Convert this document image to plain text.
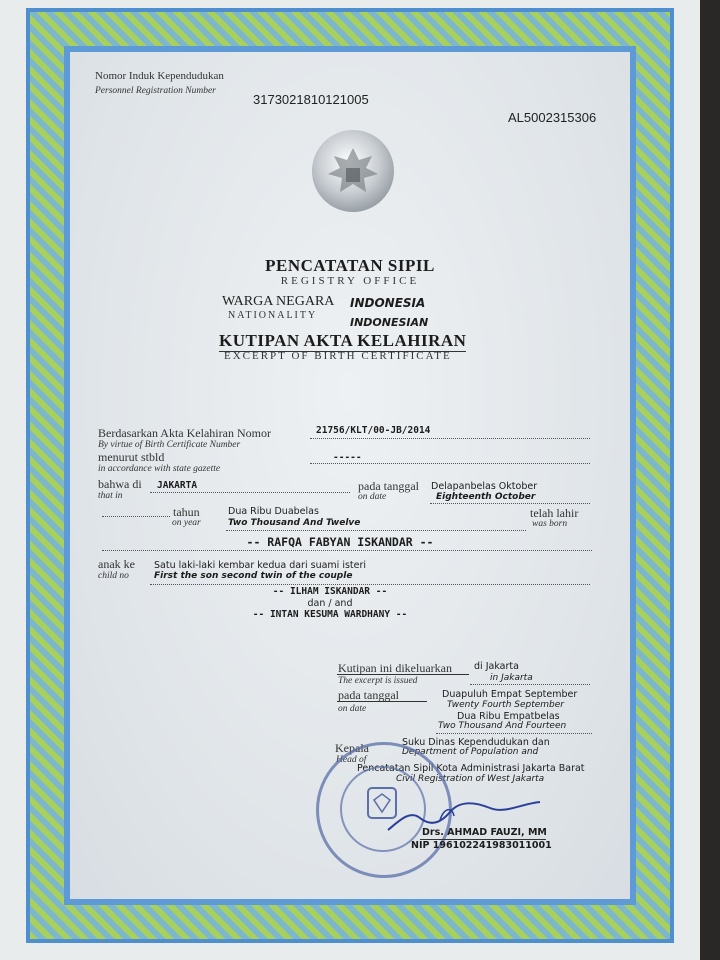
Nomor Induk Kependudukan
Personnel Registration Number
3173021810121005
AL5002315306
PENCATATAN SIPIL
REGISTRY OFFICE
WARGA NEGARA INDONESIA
NATIONALITY
INDONESIAN
KUTIPAN AKTA KELAHIRAN
EXCERPT OF BIRTH CERTIFICATE
Berdasarkan Akta Kelahiran Nomor
By virtue of Birth Certificate Number
21756/KLT/00-JB/2014
menurut stbld
in accordance with state gazette
-----
bahwa di
that in
JAKARTA	pada tanggal
on date
Delapanbelas Oktober
Eighteenth October
tahun
on year
Dua Ribu Duabelas
Two Thousand And Twelve
telah lahir
was born
-- RAFQA FABYAN ISKANDAR --
anak ke
child no
Satu laki-laki kembar kedua dari suami isteri
First the son second twin of the couple
-- ILHAM ISKANDAR --
dan / and
-- INTAN KESUMA WARDHANY --
Kutipan ini dikeluarkan
The excerpt is issued
di Jakarta
in Jakarta
pada tanggal
on date
Duapuluh Empat September
Twenty Fourth September
Dua Ribu Empatbelas
Two Thousand And Fourteen
Kepala
Head of
Suku Dinas Kependudukan dan
Department of Population and
Pencatatan Sipil Kota Administrasi Jakarta Barat
Civil Registration of West Jakarta
Drs. AHMAD FAUZI, MM
NIP 196102241983011001
